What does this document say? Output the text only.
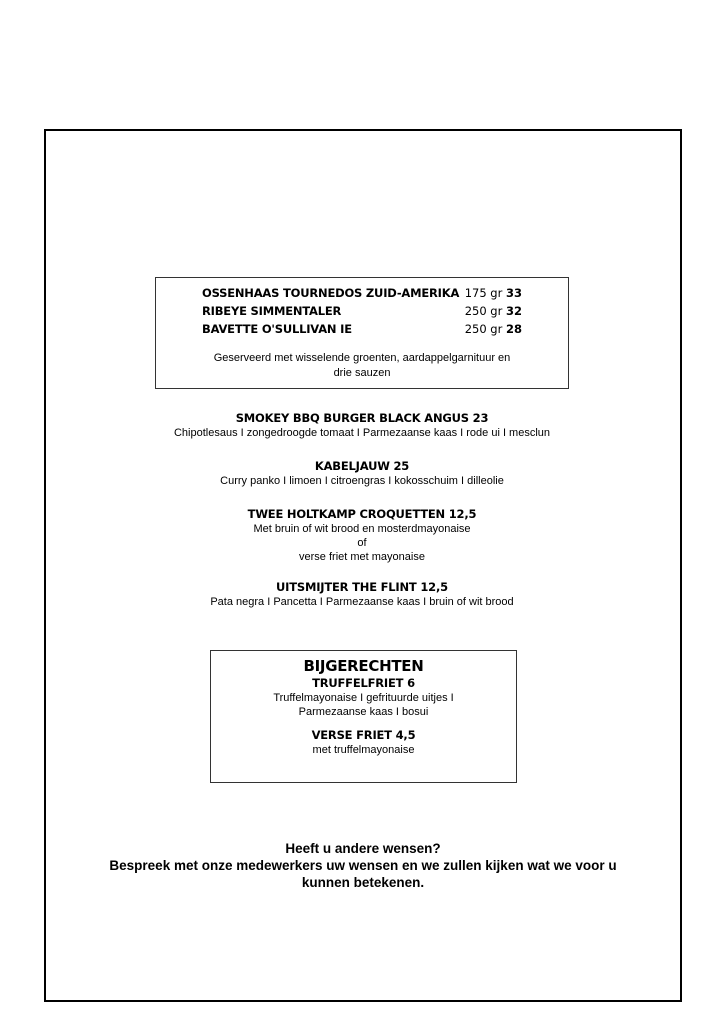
OSSENHAAS TOURNEDOS ZUID-AMERIKA 175 gr 33
RIBEYE SIMMENTALER	250 gr 32
BAVETTE O'SULLIVAN IE	250 gr 28
Geserveerd met wisselende groenten, aardappelgarnituur en
drie sauzen
SMOKEY BBQ BURGER BLACK ANGUS 23
Chipotlesaus I zongedroogde tomaat I Parmezaanse kaas I rode ui I mesclun
KABELJAUW 25
Curry panko I limoen I citroengras I kokosschuim I dilleolie
TWEE HOLTKAMP CROQUETTEN 12,5
Met bruin of wit brood en mosterdmayonaise
of
verse friet met mayonaise
UITSMIJTER THE FLINT 12,5
Pata negra I Pancetta I Parmezaanse kaas I bruin of wit brood
BIJGERECHTEN
TRUFFELFRIET 6
Truffelmayonaise I gefrituurde uitjes I
Parmezaanse kaas I bosui
VERSE FRIET 4,5
met truffelmayonaise
Heeft u andere wensen?
Bespreek met onze medewerkers uw wensen en we zullen kijken wat we voor u
kunnen betekenen.
